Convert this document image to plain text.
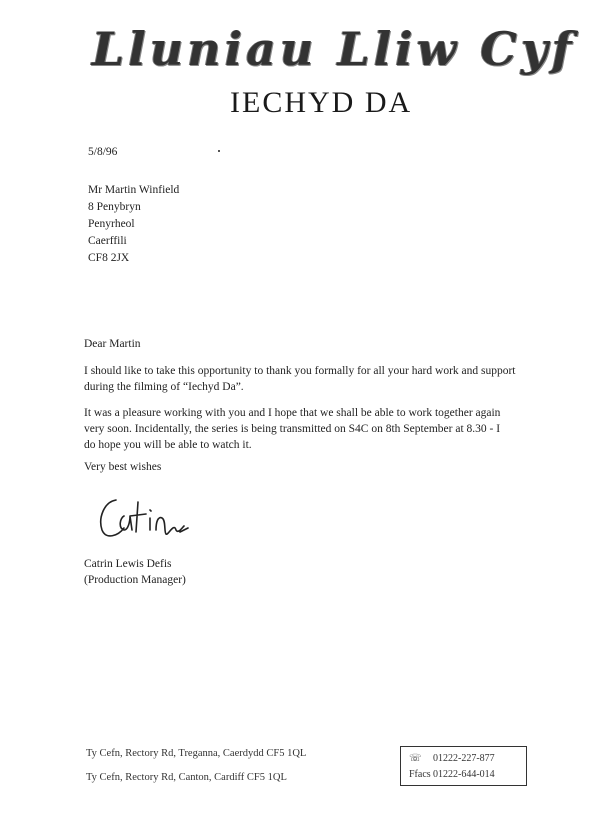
Lluniau Lliw Cyf
IECHYD DA
5/8/96
Mr Martin Winfield
8 Penybryn
Penyrheol
Caerffili
CF8 2JX
Dear Martin
I should like to take this opportunity to thank you formally for all your hard work and support during the filming of “Iechyd Da”.
It was a pleasure working with you and I hope that we shall be able to work together again
very soon. Incidentally, the series is being transmitted on S4C on 8th September at 8.30 - I
do hope you will be able to watch it.
Very best wishes
Catrin Lewis Defis
(Production Manager)
Ty Cefn, Rectory Rd, Treganna, Caerdydd CF5 1QL
Ty Cefn, Rectory Rd, Canton, Cardiff CF5 1QL
☏ 01222-227-877
Ffacs 01222-644-014
